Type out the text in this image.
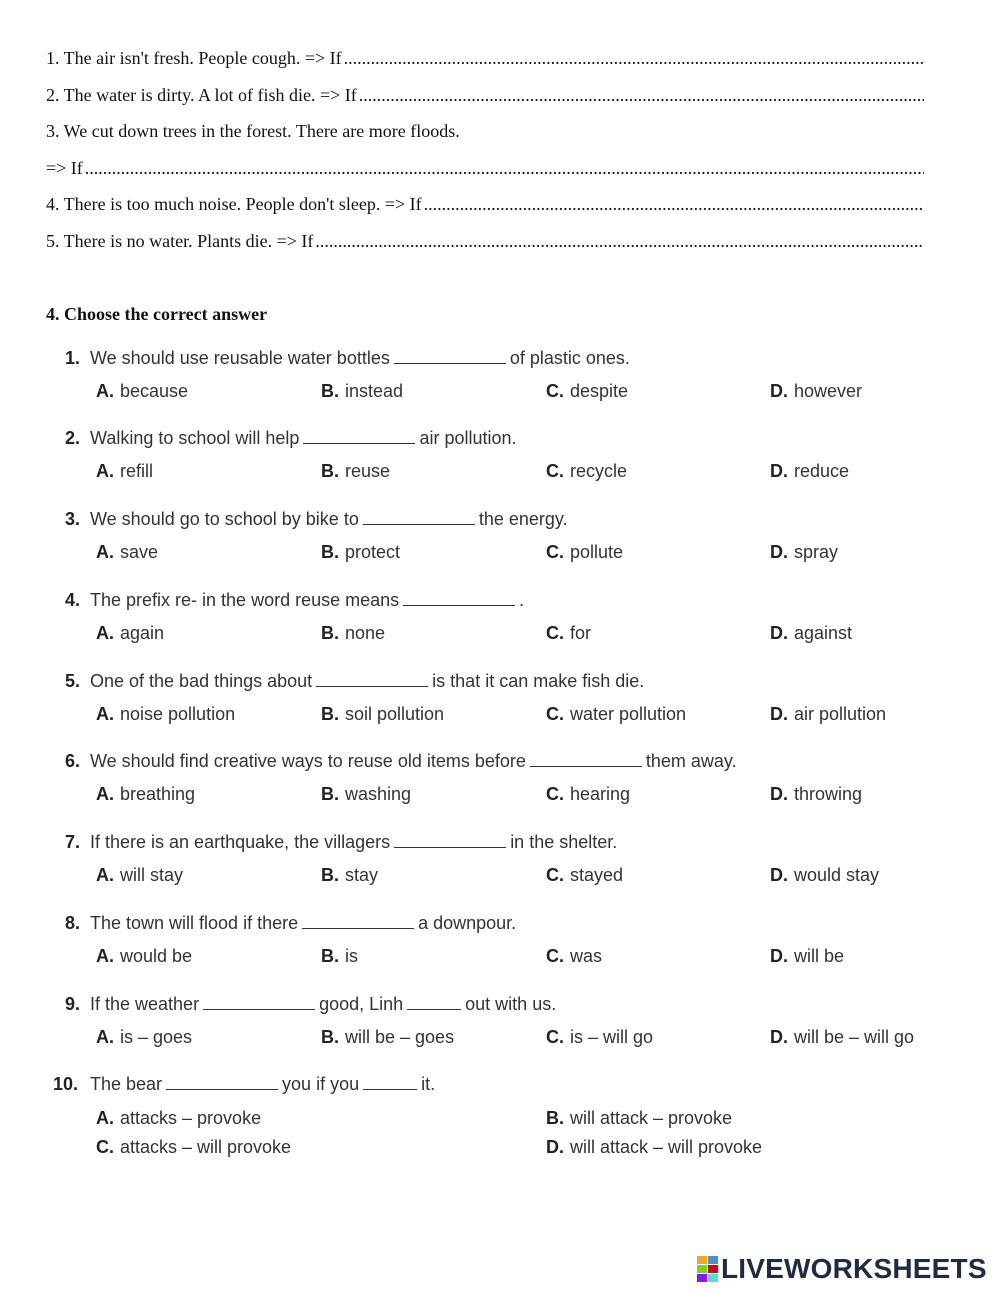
1. The air isn't fresh. People cough. => If
.....
2. The water is dirty. A lot of fish die. => If
.....
3. We cut down trees in the forest. There are more floods.
=> If
.....
4. There is too much noise. People don't sleep. => If
.....
5. There is no water. Plants die. => If
.....
4. Choose the correct answer
1. We should use reusable water bottles	of plastic ones.
A. because	B. instead	C. despite	D. however
2. Walking to school will help	air pollution.
A. refill	B. reuse	C. recycle	D. reduce
3. We should go to school by bike to	the energy.
A. save	B. protect	C. pollute	D. spray
4. The prefix re- in the word reuse means	.
A. again	B. none	C. for	D. against
5. One of the bad things about	is that it can make fish die.
A. noise pollution	B. soil pollution	C. water pollution	D. air pollution
6. We should find creative ways to reuse old items before	them away.
A. breathing	B. washing	C. hearing	D. throwing
7. If there is an earthquake, the villagers	in the shelter.
A. will stay	B. stay	C. stayed	D. would stay
8. The town will flood if there	a downpour.
A. would be	B. is	C. was	D. will be
9. If the weather	good, Linh	out with us.
A. is – goes	B. will be – goes	C. is – will go	D. will be – will go
10. The bear	you if you	it.
A. attacks – provoke	B. will attack – provoke
C. attacks – will provoke	D. will attack – will provoke
LIVEWORKSHEETS
